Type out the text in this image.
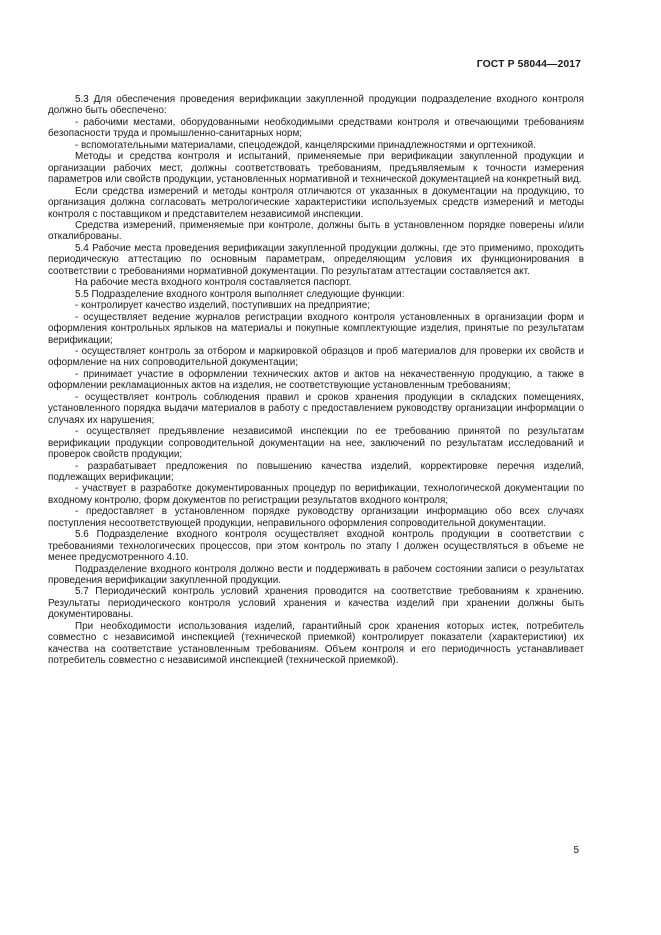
ГОСТ Р 58044—2017

5.3 Для обеспечения проведения верификации закупленной продукции подразделение входного контроля должно быть обеспечено:

- рабочими местами, оборудованными необходимыми средствами контроля и отвечающими требованиям безопасности труда и промышленно-санитарных норм;

- вспомогательными материалами, спецодеждой, канцелярскими принадлежностями и оргтехникой.

Методы и средства контроля и испытаний, применяемые при верификации закупленной продукции и организации рабочих мест, должны соответствовать требованиям, предъявляемым к точности измерения параметров или свойств продукции, установленных нормативной и технической документацией на конкретный вид.

Если средства измерений и методы контроля отличаются от указанных в документации на продукцию, то организация должна согласовать метрологические характеристики используемых средств измерений и методы контроля с поставщиком и представителем независимой инспекции.

Средства измерений, применяемые при контроле, должны быть в установленном порядке поверены и/или откалиброваны.

5.4 Рабочие места проведения верификации закупленной продукции должны, где это применимо, проходить периодическую аттестацию по основным параметрам, определяющим условия их функционирования в соответствии с требованиями нормативной документации. По результатам аттестации составляется акт.

На рабочие места входного контроля составляется паспорт.

5.5 Подразделение входного контроля выполняет следующие функции:

- контролирует качество изделий, поступивших на предприятие;

- осуществляет ведение журналов регистрации входного контроля установленных в организации форм и оформления контрольных ярлыков на материалы и покупные комплектующие изделия, принятые по результатам верификации;

- осуществляет контроль за отбором и маркировкой образцов и проб материалов для проверки их свойств и оформление на них сопроводительной документации;

- принимает участие в оформлении технических актов и актов на некачественную продукцию, а также в оформлении рекламационных актов на изделия, не соответствующие установленным требованиям;

- осуществляет контроль соблюдения правил и сроков хранения продукции в складских помещениях, установленного порядка выдачи материалов в работу с предоставлением руководству организации информации о случаях их нарушения;

- осуществляет предъявление независимой инспекции по ее требованию принятой по результатам верификации продукции сопроводительной документации на нее, заключений по результатам исследований и проверок свойств продукции;

- разрабатывает предложения по повышению качества изделий, корректировке перечня изделий, подлежащих верификации;

- участвует в разработке документированных процедур по верификации, технологической документации по входному контролю, форм документов по регистрации результатов входного контроля;

- предоставляет в установленном порядке руководству организации информацию обо всех случаях поступления несоответствующей продукции, неправильного оформления сопроводительной документации.

5.6 Подразделение входного контроля осуществляет входной контроль продукции в соответствии с требованиями технологических процессов, при этом контроль по этапу I должен осуществляться в объеме не менее предусмотренного 4.10.

Подразделение входного контроля должно вести и поддерживать в рабочем состоянии записи о результатах проведения верификации закупленной продукции.

5.7 Периодический контроль условий хранения проводится на соответствие требованиям к хранению. Результаты периодического контроля условий хранения и качества изделий при хранении должны быть документированы.

При необходимости использования изделий, гарантийный срок хранения которых истек, потребитель совместно с независимой инспекцией (технической приемкой) контролирует показатели (характеристики) их качества на соответствие установленным требованиям. Объем контроля и его периодичность устанавливает потребитель совместно с независимой инспекцией (технической приемкой).

5
